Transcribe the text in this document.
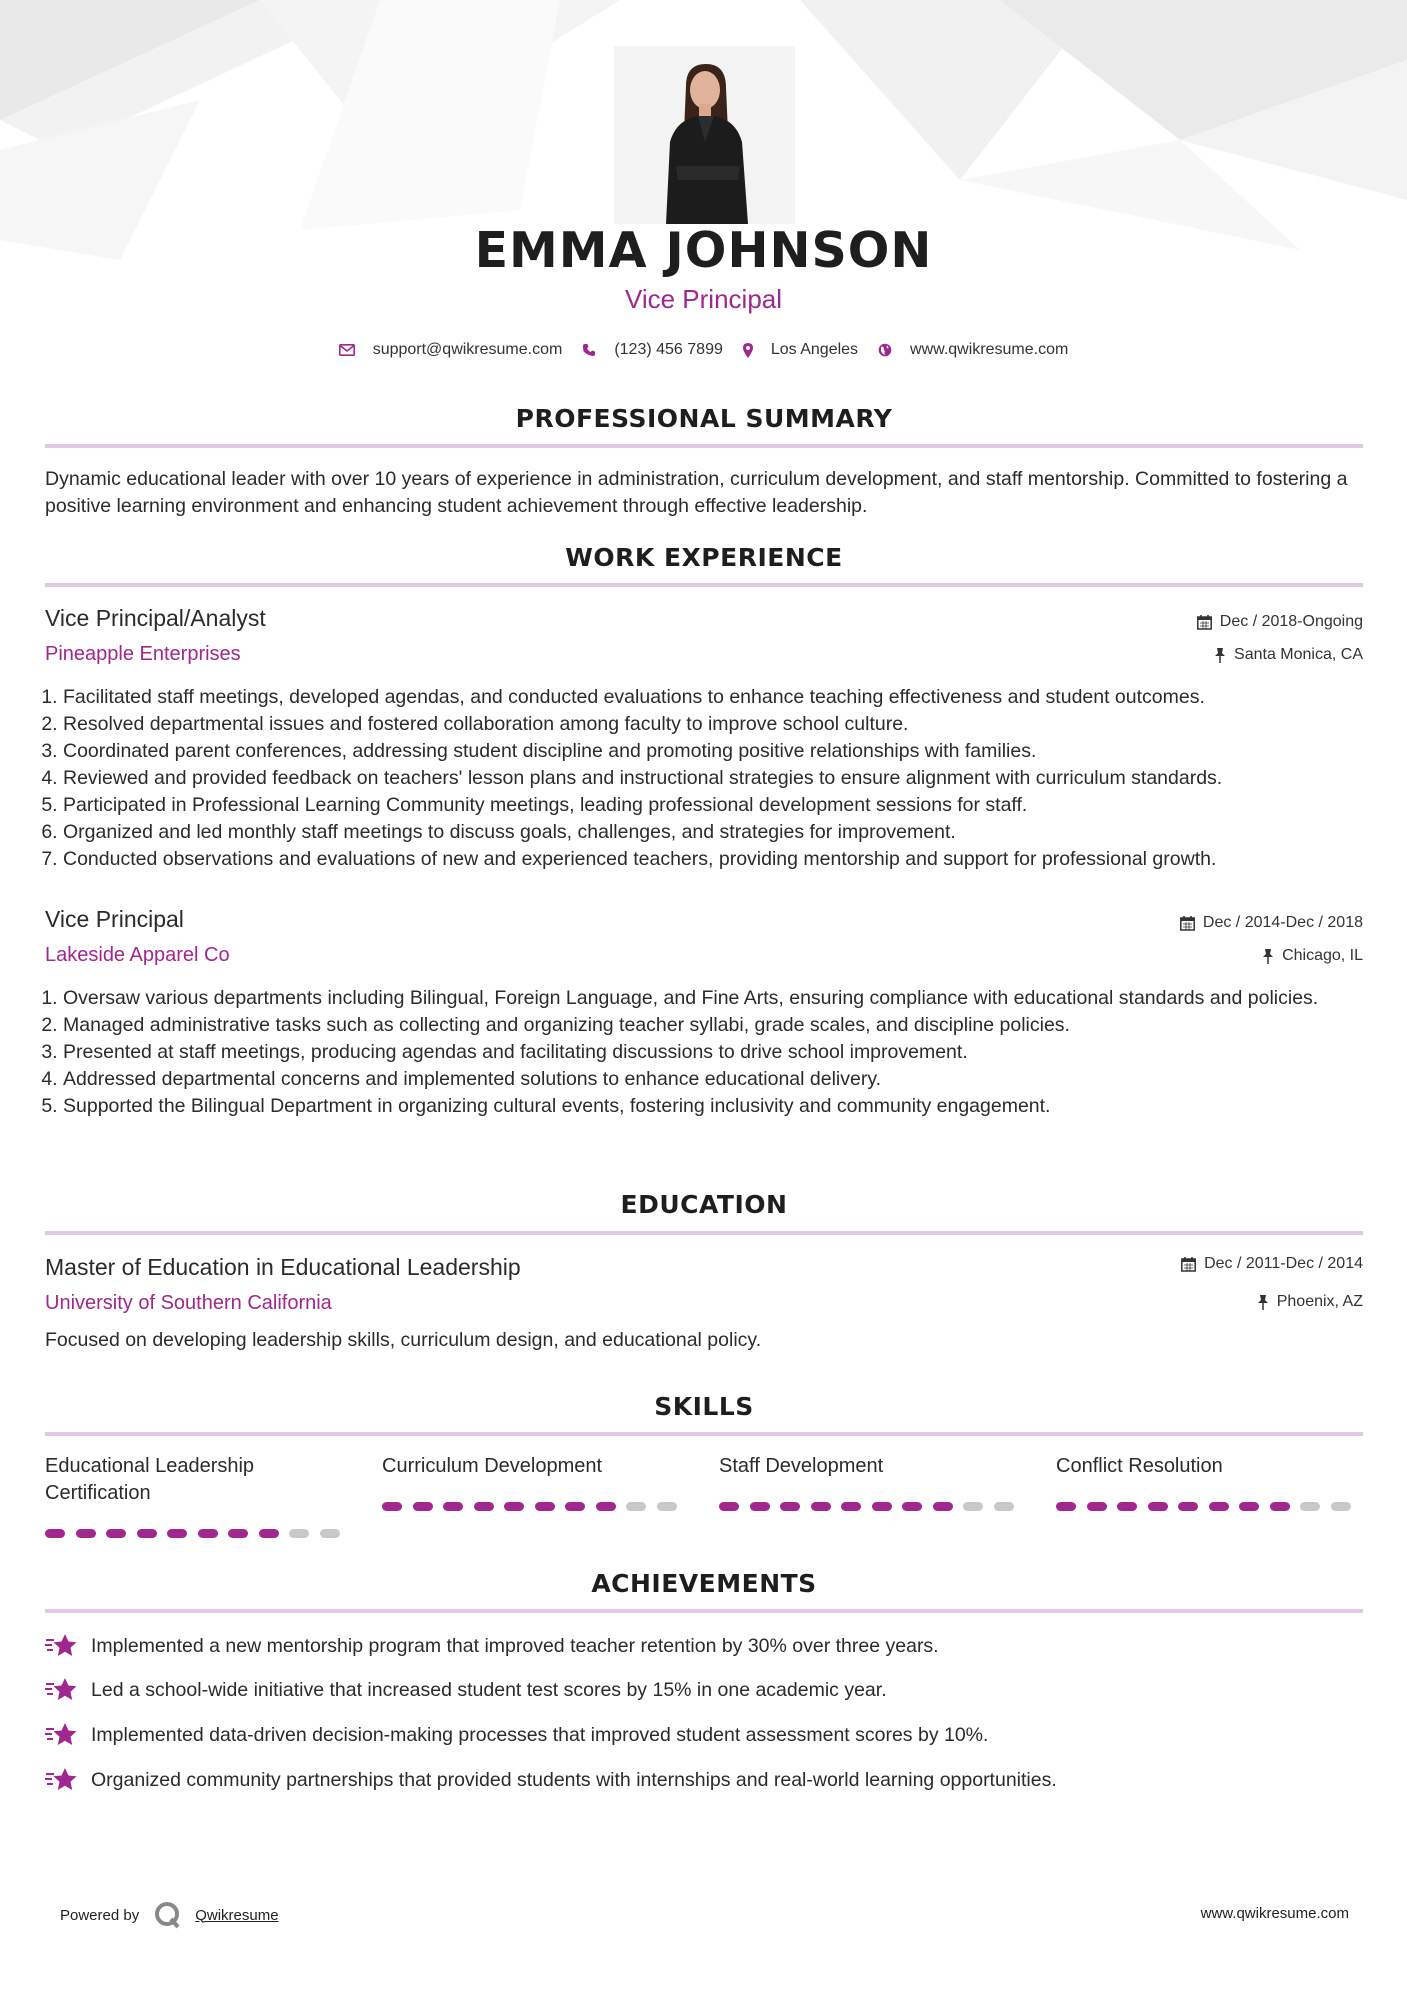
EMMA JOHNSON
Vice Principal
support@qwikresume.com	(123) 456 7899	Los Angeles	www.qwikresume.com
PROFESSIONAL SUMMARY
Dynamic educational leader with over 10 years of experience in administration, curriculum development, and staff mentorship. Committed to fostering a positive learning environment and enhancing student achievement through effective leadership.
WORK EXPERIENCE
Vice Principal/Analyst
Pineapple Enterprises
Dec / 2018-Ongoing
Santa Monica, CA
1. Facilitated staff meetings, developed agendas, and conducted evaluations to enhance teaching effectiveness and student outcomes.
2. Resolved departmental issues and fostered collaboration among faculty to improve school culture.
3. Coordinated parent conferences, addressing student discipline and promoting positive relationships with families.
4. Reviewed and provided feedback on teachers' lesson plans and instructional strategies to ensure alignment with curriculum standards.
5. Participated in Professional Learning Community meetings, leading professional development sessions for staff.
6. Organized and led monthly staff meetings to discuss goals, challenges, and strategies for improvement.
7. Conducted observations and evaluations of new and experienced teachers, providing mentorship and support for professional growth.
Vice Principal
Lakeside Apparel Co
Dec / 2014-Dec / 2018
Chicago, IL
1. Oversaw various departments including Bilingual, Foreign Language, and Fine Arts, ensuring compliance with educational standards and policies.
2. Managed administrative tasks such as collecting and organizing teacher syllabi, grade scales, and discipline policies.
3. Presented at staff meetings, producing agendas and facilitating discussions to drive school improvement.
4. Addressed departmental concerns and implemented solutions to enhance educational delivery.
5. Supported the Bilingual Department in organizing cultural events, fostering inclusivity and community engagement.
EDUCATION
Master of Education in Educational Leadership
University of Southern California
Dec / 2011-Dec / 2014
Phoenix, AZ
Focused on developing leadership skills, curriculum design, and educational policy.
SKILLS
Educational Leadership Certification
Curriculum Development	Staff Development	Conflict Resolution
ACHIEVEMENTS
Implemented a new mentorship program that improved teacher retention by 30% over three years.
Led a school-wide initiative that increased student test scores by 15% in one academic year.
Implemented data-driven decision-making processes that improved student assessment scores by 10%.
Organized community partnerships that provided students with internships and real-world learning opportunities.
Powered by	Qwikresume	www.qwikresume.com
